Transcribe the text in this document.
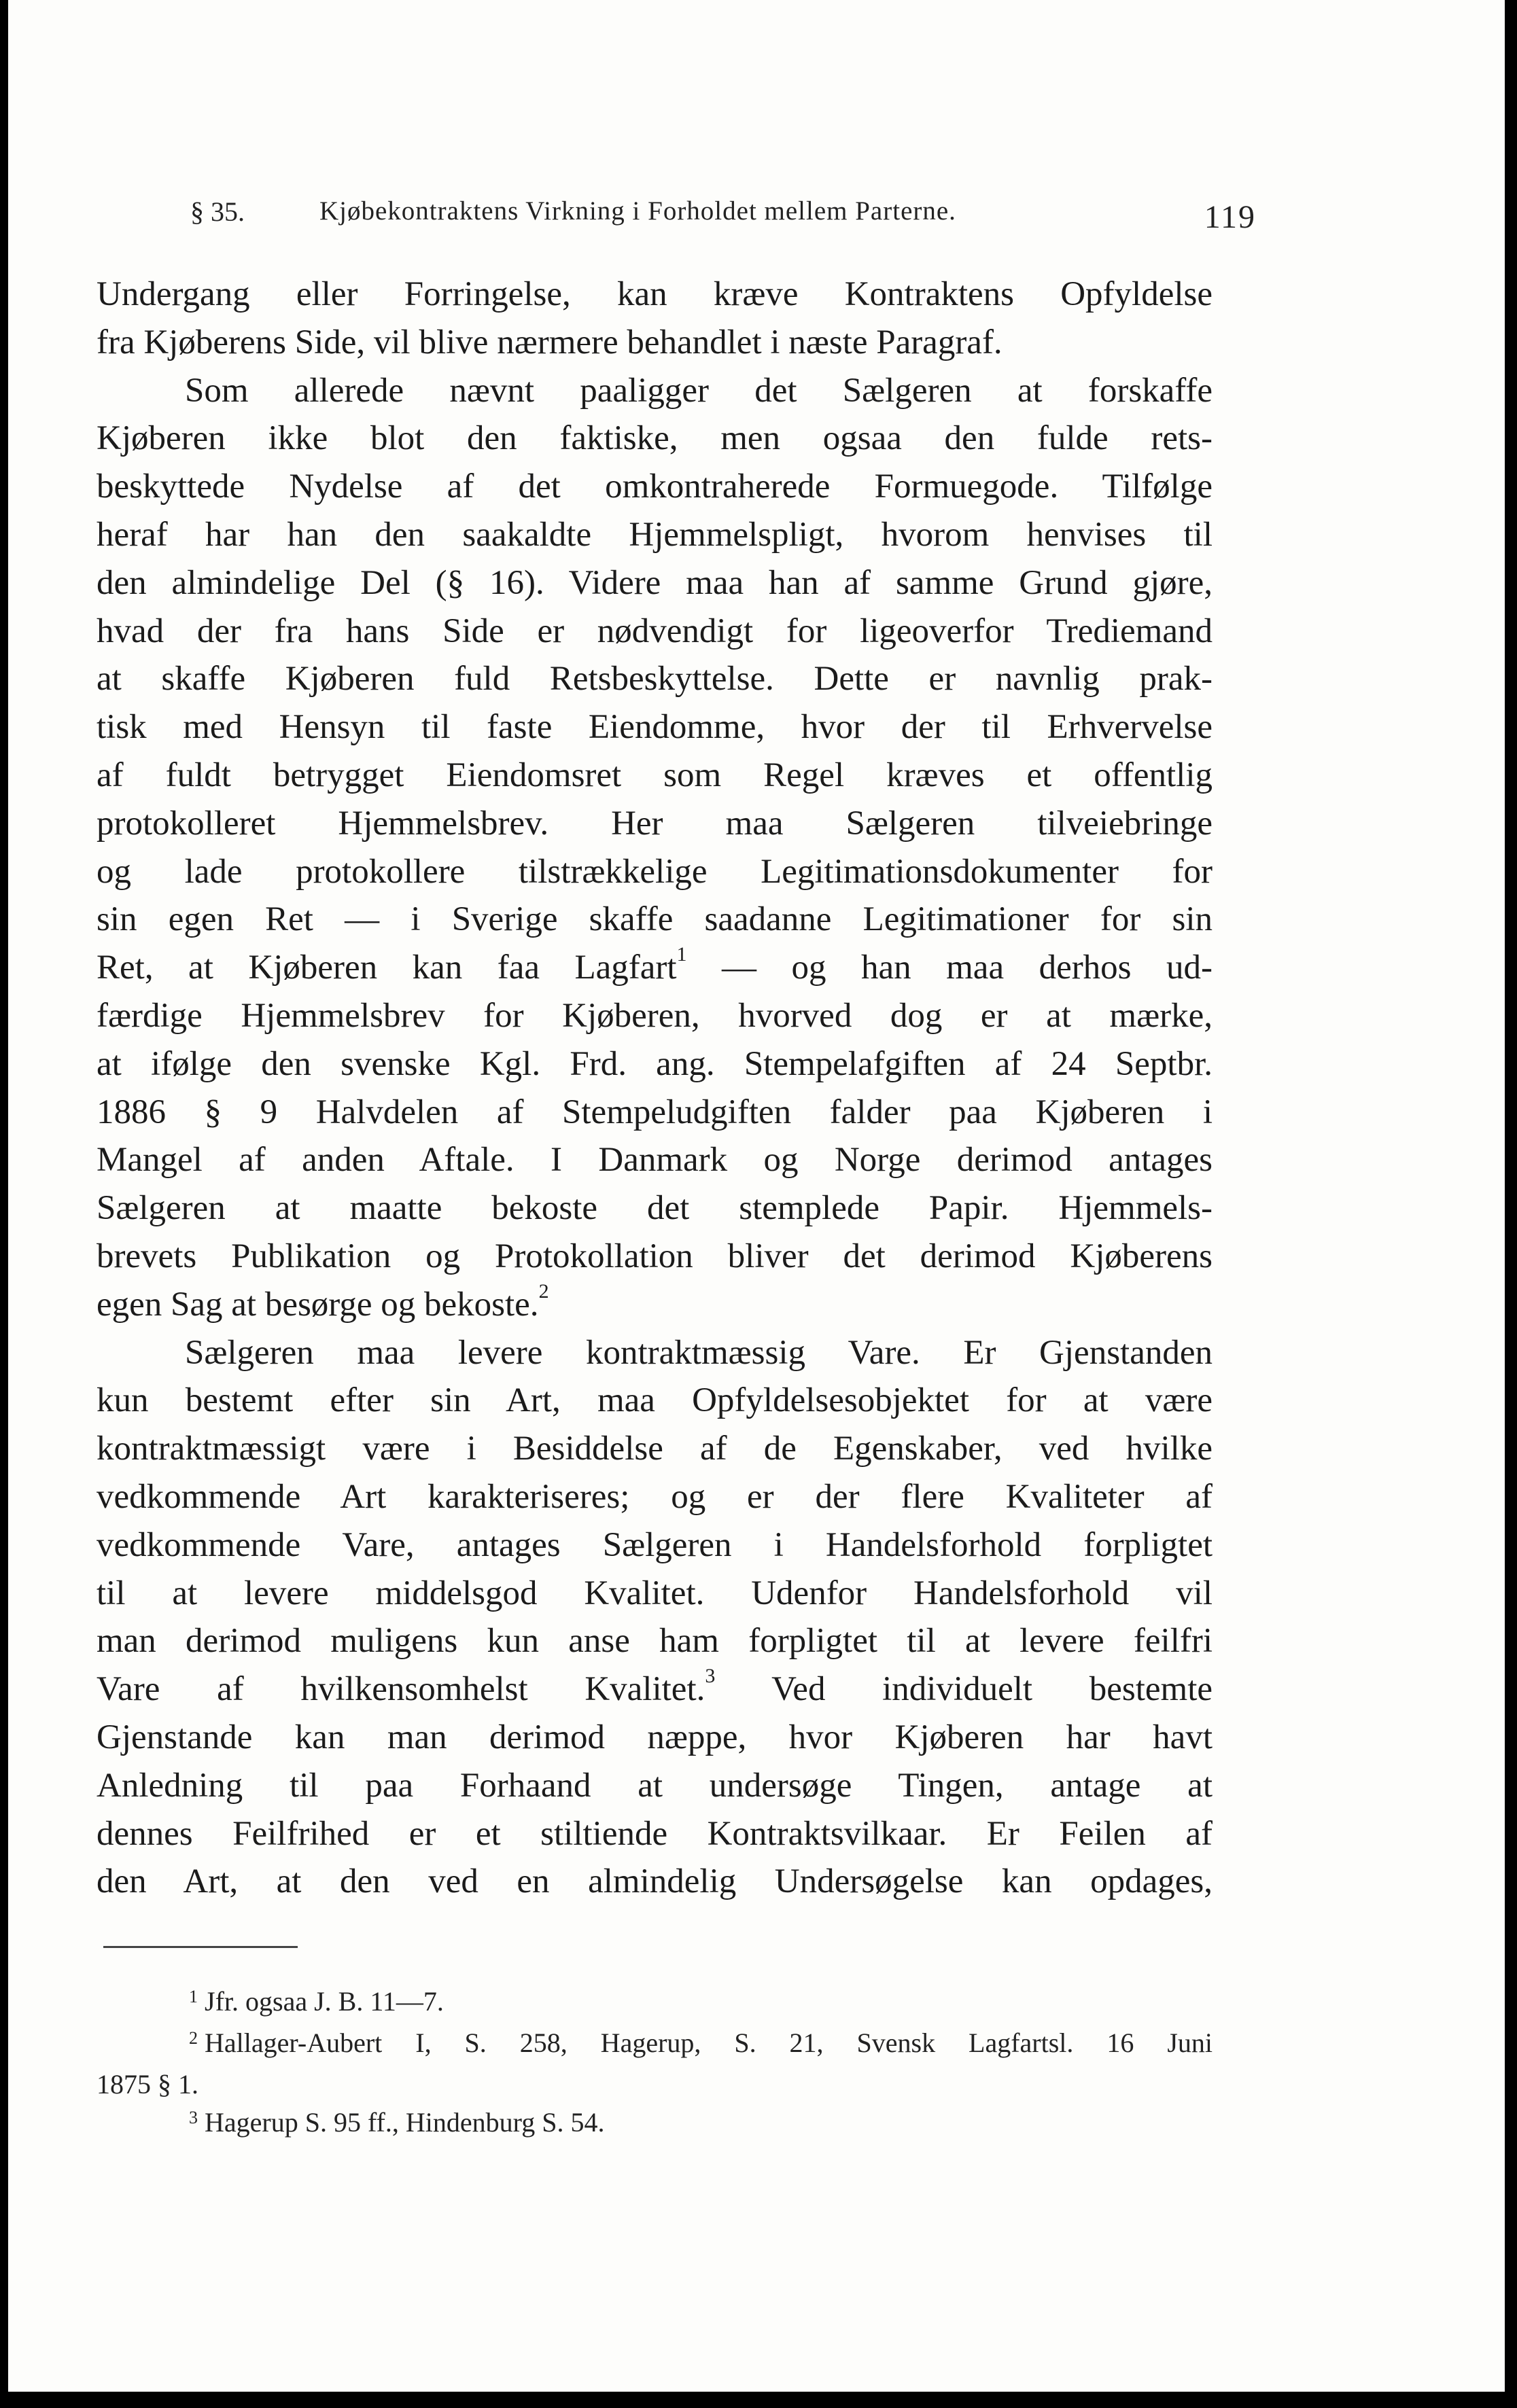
§ 35.	Kjøbekontraktens Virkning i Forholdet mellem Parterne.	119
Undergang eller Forringelse, kan kræve Kontraktens Opfyldelse
fra Kjøberens Side, vil blive nærmere behandlet i næste Paragraf.
Som allerede nævnt paaligger det Sælgeren at forskaffe
Kjøberen ikke blot den faktiske, men ogsaa den fulde rets-
beskyttede Nydelse af det omkontraherede Formuegode. Tilfølge
heraf har han den saakaldte Hjemmelspligt, hvorom henvises til
den almindelige Del (§ 16). Videre maa han af samme Grund gjøre,
hvad der fra hans Side er nødvendigt for ligeoverfor Trediemand
at skaffe Kjøberen fuld Retsbeskyttelse. Dette er navnlig prak-
tisk med Hensyn til faste Eiendomme, hvor der til Erhvervelse
af fuldt betrygget Eiendomsret som Regel kræves et offentlig
protokolleret Hjemmelsbrev. Her maa Sælgeren tilveiebringe
og lade protokollere tilstrækkelige Legitimationsdokumenter for
sin egen Ret — i Sverige skaffe saadanne Legitimationer for sin
Ret, at Kjøberen kan faa Lagfart$^1$ — og han maa derhos ud-
færdige Hjemmelsbrev for Kjøberen, hvorved dog er at mærke,
at ifølge den svenske Kgl. Frd. ang. Stempelafgiften af 24 Septbr.
1886 § 9 Halvdelen af Stempeludgiften falder paa Kjøberen i
Mangel af anden Aftale. I Danmark og Norge derimod antages
Sælgeren at maatte bekoste det stemplede Papir. Hjemmels-
brevets Publikation og Protokollation bliver det derimod Kjøberens
egen Sag at besørge og bekoste.$^2$
Sælgeren maa levere kontraktmæssig Vare. Er Gjenstanden
kun bestemt efter sin Art, maa Opfyldelsesobjektet for at være
kontraktmæssigt være i Besiddelse af de Egenskaber, ved hvilke
vedkommende Art karakteriseres; og er der flere Kvaliteter af
vedkommende Vare, antages Sælgeren i Handelsforhold forpligtet
til at levere middelsgod Kvalitet. Udenfor Handelsforhold vil
man derimod muligens kun anse ham forpligtet til at levere feilfri
Vare af hvilkensomhelst Kvalitet.$^3$ Ved individuelt bestemte
Gjenstande kan man derimod næppe, hvor Kjøberen har havt
Anledning til paa Forhaand at undersøge Tingen, antage at
dennes Feilfrihed er et stiltiende Kontraktsvilkaar. Er Feilen af
den Art, at den ved en almindelig Undersøgelse kan opdages,
$^1$ Jfr. ogsaa J. B. 11—7.
$^2$ Hallager-Aubert I, S. 258, Hagerup, S. 21, Svensk Lagfartsl. 16 Juni
1875 § 1.
$^3$ Hagerup S. 95 ff., Hindenburg S. 54.
